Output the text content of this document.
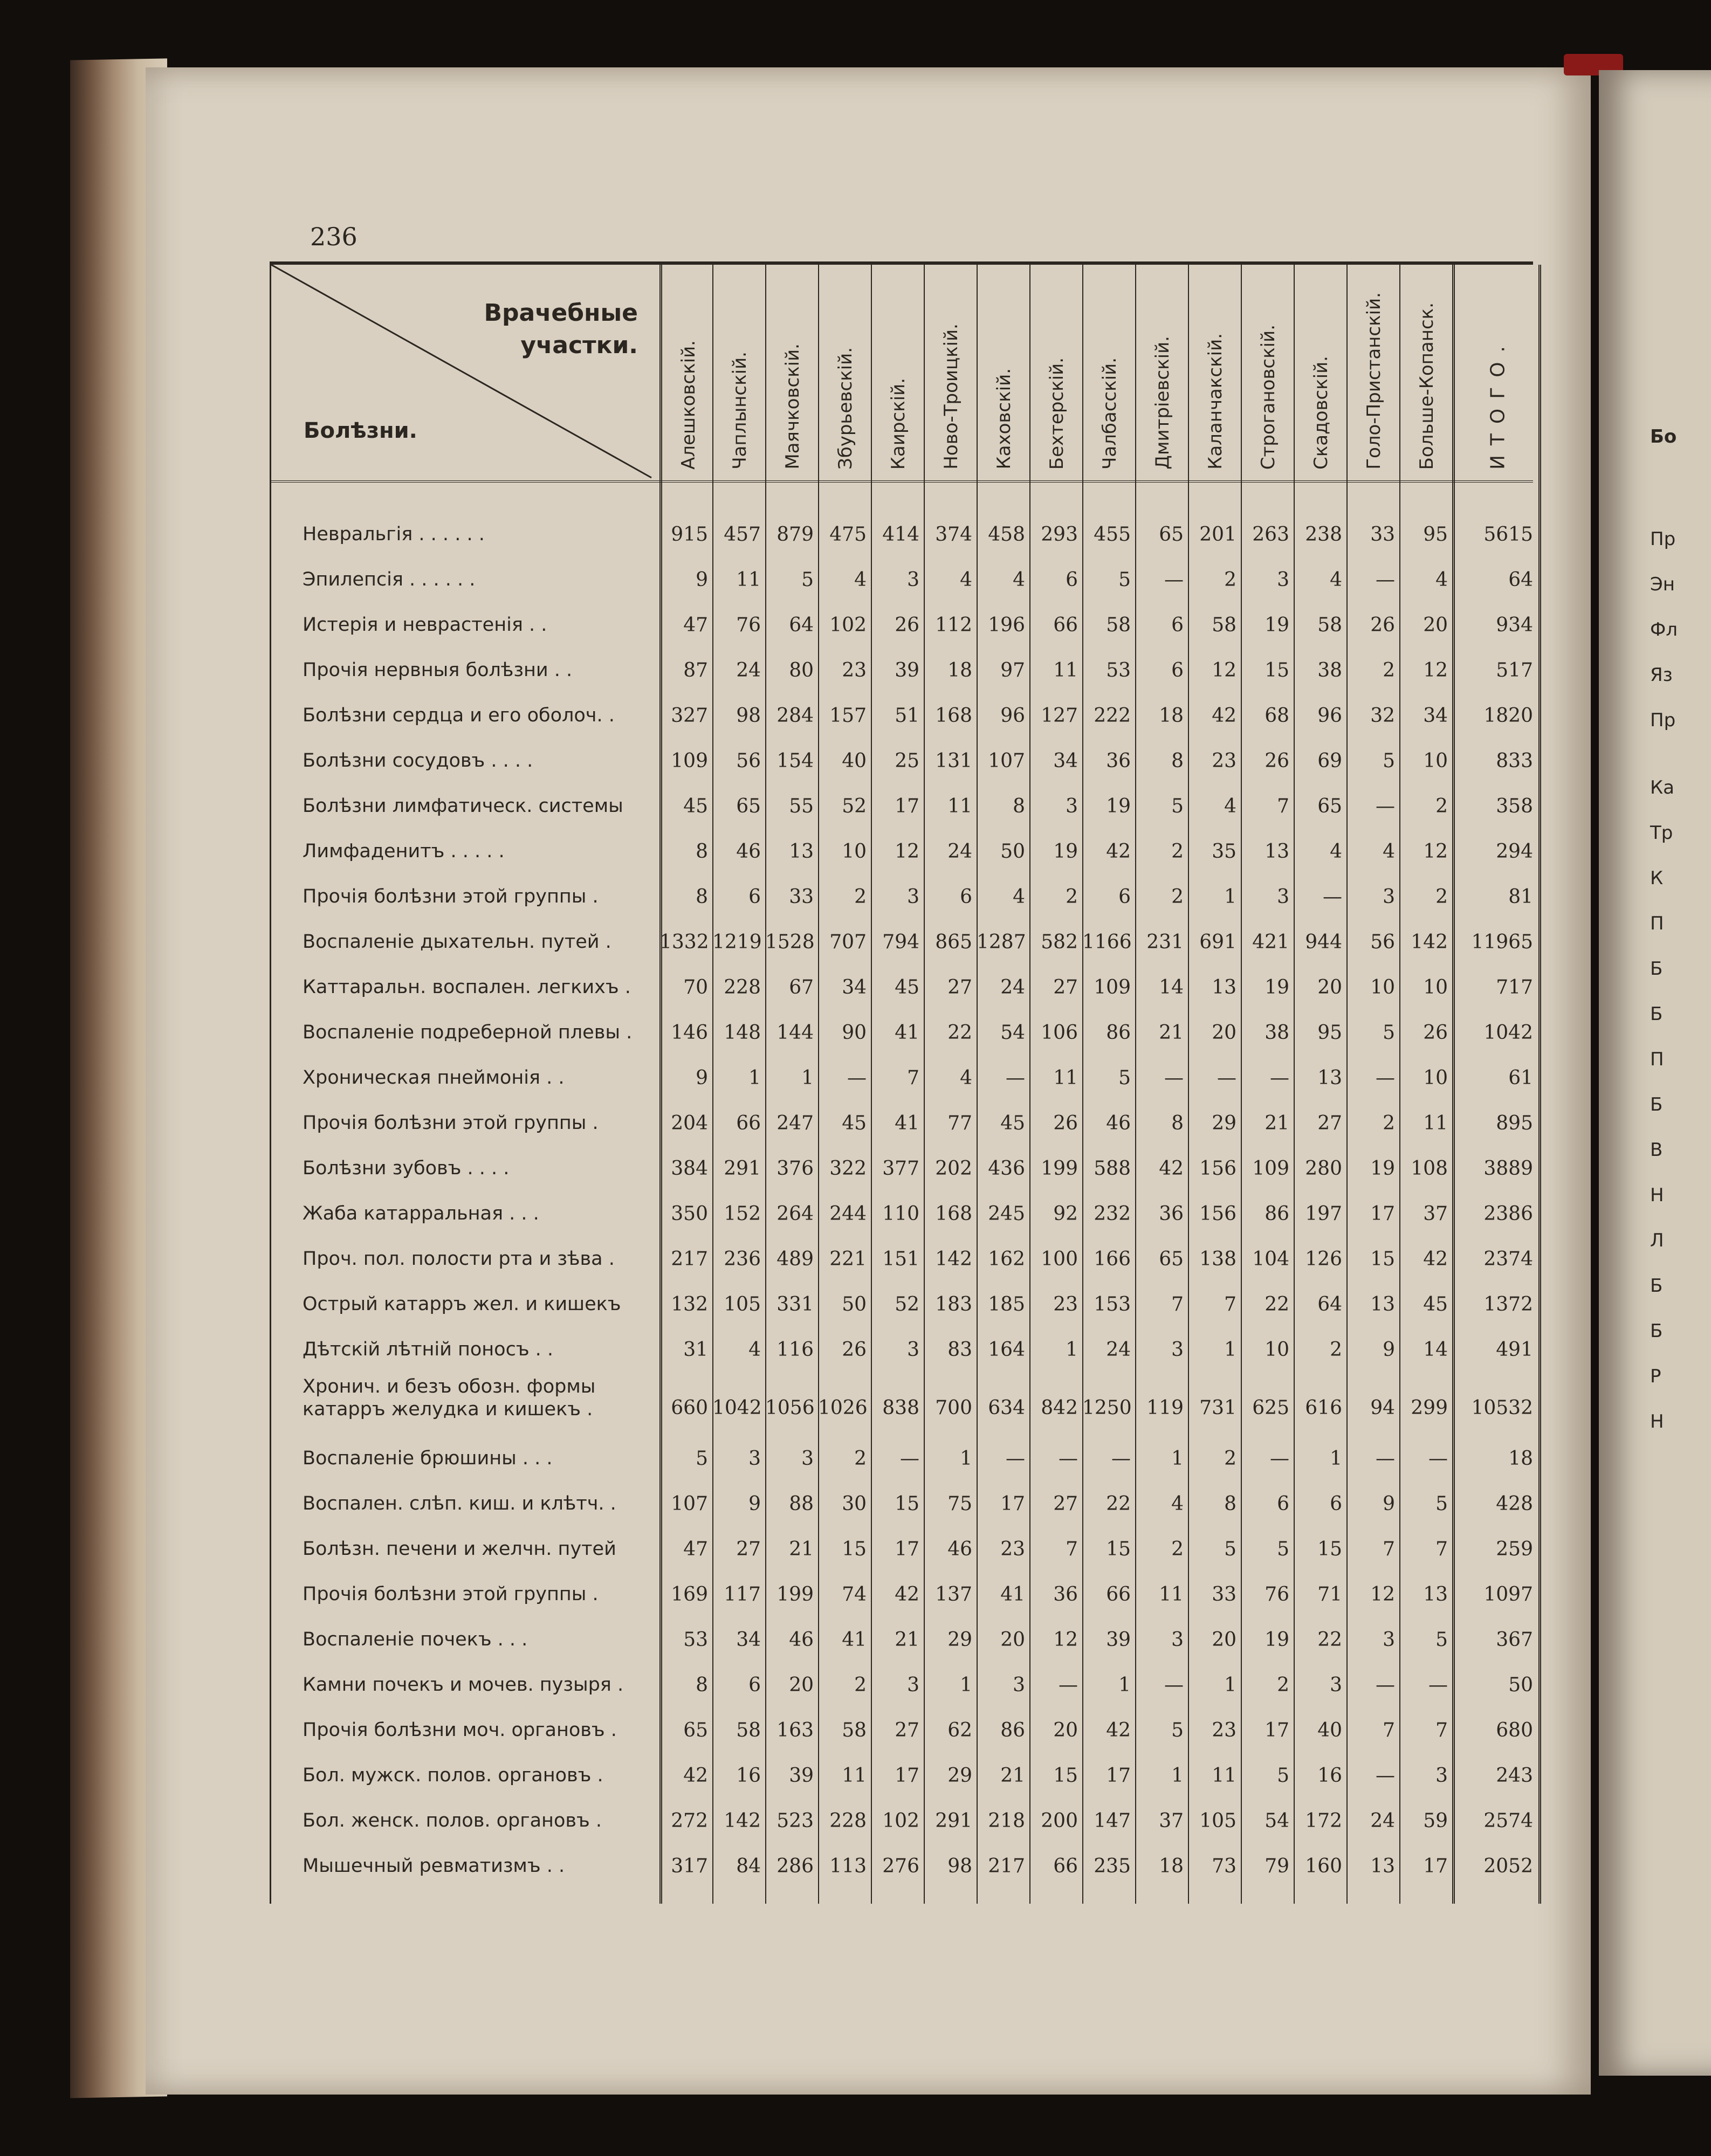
Бо
Пр
Эн
Фл
Яз
Пр
Ка
Тр
К
П
Б
Б
П
Б
В
Н
Л
Б
Б
Р
Н
236
Врачебные
участки.
Болѣзни.	Алешковскій. Чаплынскій. Маячковскій. Збурьевскій. Каирскій. Ново-Троицкій. Каховскій. Бехтерскій. Чалбасскій. Дмитріевскій. Каланчакскій. Строгановскій. Скадовскій. Голо-Пристанскій. Больше-Копанск.	ИТОГО.
Невральгія . . . . . .	915 457 879 475 414 374 458 293 455	65 201 263 238	33	95	5615
Эпилепсія . . . . . .	9	11	5	4	3	4	4	6	5	—	2	3	4	—	4	64
Истерія и неврастенія . .	47	76	64 102	26 112 196	66	58	6	58	19	58	26	20	934
Прочія нервныя болѣзни . .	87	24	80	23	39	18	97	11	53	6	12	15	38	2	12	517
Болѣзни сердца и его оболоч. .	327	98 284 157	51 168	96 127 222	18	42	68	96	32	34	1820
Болѣзни сосудовъ . . . .	109	56 154	40	25 131 107	34	36	8	23	26	69	5	10	833
Болѣзни лимфатическ. системы	45	65	55	52	17	11	8	3	19	5	4	7	65	—	2	358
Лимфаденитъ . . . . .	8	46	13	10	12	24	50	19	42	2	35	13	4	4	12	294
Прочія болѣзни этой группы .	8	6	33	2	3	6	4	2	6	2	1	3	—	3	2	81
Воспаленіе дыхательн. путей .	1332 1219 1528 707 794 865 1287 582 1166 231 691 421 944	56 142	11965
Каттаральн. воспален. легкихъ .	70 228	67	34	45	27	24	27 109	14	13	19	20	10	10	717
Воспаленіе подреберной плевы .	146 148 144	90	41	22	54 106	86	21	20	38	95	5	26	1042
Хроническая пнеймонія . .	9	1	1	—	7	4	—	11	5	—	—	—	13	—	10	61
Прочія болѣзни этой группы .	204	66 247	45	41	77	45	26	46	8	29	21	27	2	11	895
Болѣзни зубовъ . . . .	384 291 376 322 377 202 436 199 588	42 156 109 280	19 108	3889
Жаба катарральная . . .	350 152 264 244 110 168 245	92 232	36 156	86 197	17	37	2386
Проч. пол. полости рта и зѣва .	217 236 489 221 151 142 162 100 166	65 138 104 126	15	42	2374
Острый катарръ жел. и кишекъ	132 105 331	50	52 183 185	23 153	7	7	22	64	13	45	1372
Дѣтскій лѣтній поносъ . .	31	4 116	26	3	83 164	1	24	3	1	10	2	9	14	491
Хронич. и безъ обозн. формы катарръ желудка и кишекъ .	660 1042 1056 1026 838 700 634 842 1250 119 731 625 616	94 299	10532
Воспаленіе брюшины . . .	5	3	3	2	—	1	—	—	—	1	2	—	1	—	—	18
Воспален. слѣп. киш. и клѣтч. .	107	9	88	30	15	75	17	27	22	4	8	6	6	9	5	428
Болѣзн. печени и желчн. путей	47	27	21	15	17	46	23	7	15	2	5	5	15	7	7	259
Прочія болѣзни этой группы .	169 117 199	74	42 137	41	36	66	11	33	76	71	12	13	1097
Воспаленіе почекъ . . .	53	34	46	41	21	29	20	12	39	3	20	19	22	3	5	367
Камни почекъ и мочев. пузыря .	8	6	20	2	3	1	3	—	1	—	1	2	3	—	—	50
Прочія болѣзни моч. органовъ .	65	58 163	58	27	62	86	20	42	5	23	17	40	7	7	680
Бол. мужск. полов. органовъ .	42	16	39	11	17	29	21	15	17	1	11	5	16	—	3	243
Бол. женск. полов. органовъ .	272 142 523 228 102 291 218 200 147	37 105	54 172	24	59	2574
Мышечный ревматизмъ . .	317	84 286 113 276	98 217	66 235	18	73	79 160	13	17	2052
